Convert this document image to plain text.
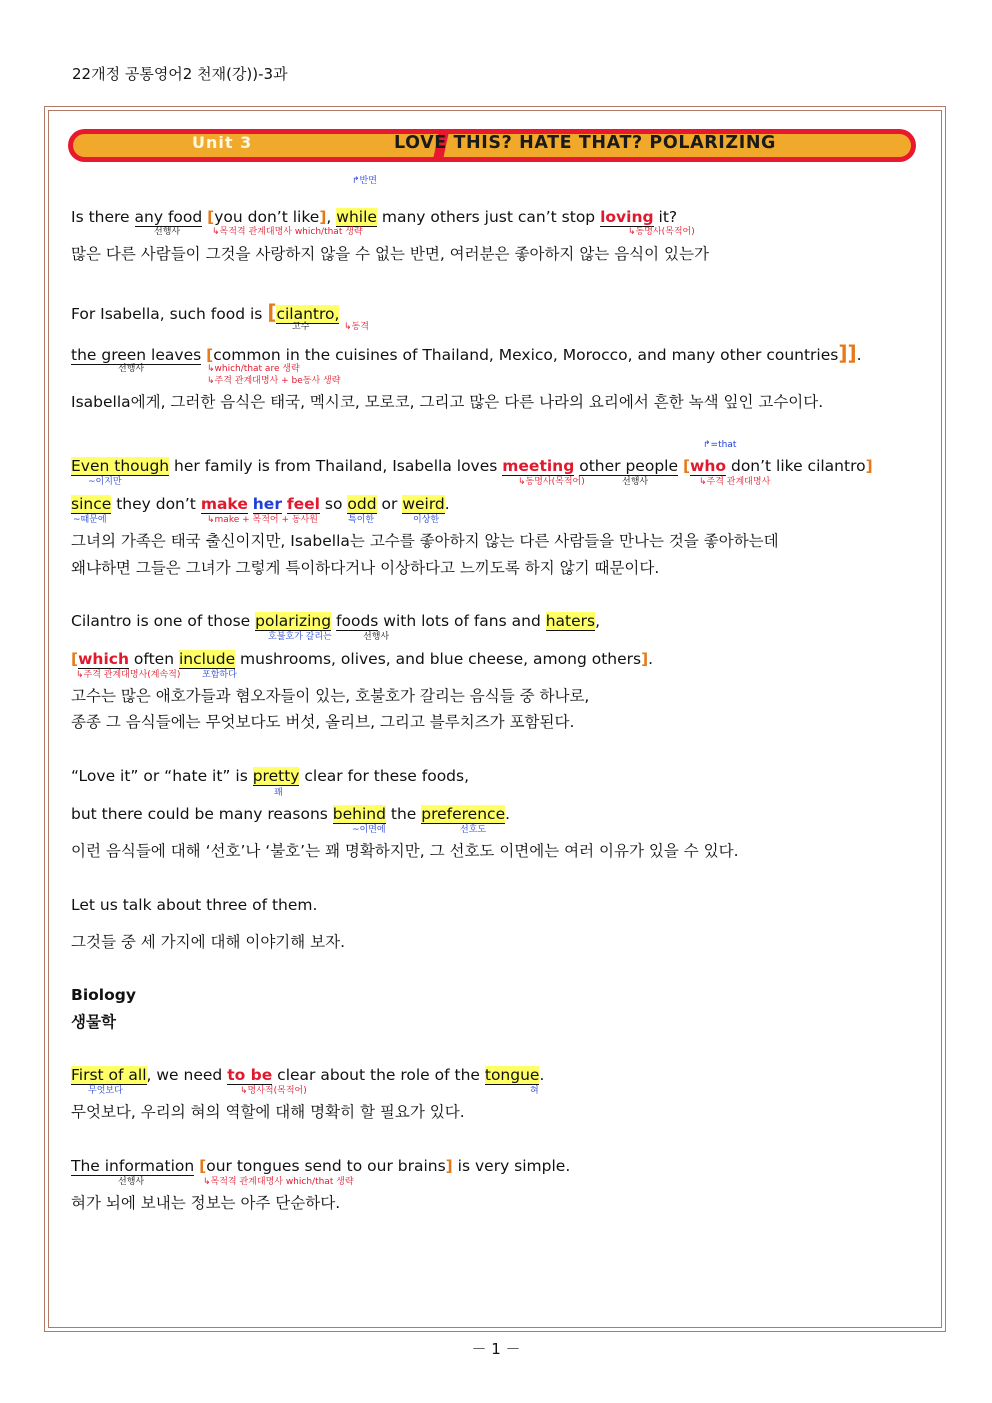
22개정 공통영어2 천재(강))-3과
Unit 3	LOVE THIS? HATE THAT? POLARIZING
↱반면
Is there any food [you don’t like], while many others just can’t stop loving it?
선행사	↳목적격 관계대명사 which/that 생략	↳동명사(목적어)
많은 다른 사람들이 그것을 사랑하지 않을 수 없는 반면, 여러분은 좋아하지 않는 음식이 있는가
For Isabella, such food is [cilantro,
고수	↳동격
the green leaves [common in the cuisines of Thailand, Mexico, Morocco, and many other countries]].
선행사	↳which/that are 생략
↳주격 관계대명사 + be동사 생략
Isabella에게, 그러한 음식은 태국, 멕시코, 모로코, 그리고 많은 다른 나라의 요리에서 흔한 녹색 잎인 고수이다.
↱=that
Even though her family is from Thailand, Isabella loves meeting other people [who don’t like cilantro]
~이지만	↳동명사(목적어)	선행사	↳주격 관계대명사
since they don’t make her feel so odd or weird.
~때문에	↳make + 목적어 + 동사원	특이한	이상한
그녀의 가족은 태국 출신이지만, Isabella는 고수를 좋아하지 않는 다른 사람들을 만나는 것을 좋아하는데
왜냐하면 그들은 그녀가 그렇게 특이하다거나 이상하다고 느끼도록 하지 않기 때문이다.
Cilantro is one of those polarizing foods with lots of fans and haters,
호불호가 갈리는	선행사
[which often include mushrooms, olives, and blue cheese, among others].
↳주격 관계대명사(계속적) 포함하다
고수는 많은 애호가들과 혐오자들이 있는, 호불호가 갈리는 음식들 중 하나로,
종종 그 음식들에는 무엇보다도 버섯, 올리브, 그리고 블루치즈가 포함된다.
“Love it” or “hate it” is pretty clear for these foods,
꽤
but there could be many reasons behind the preference.
~이면에	선호도
이런 음식들에 대해 ‘선호’나 ‘불호’는 꽤 명확하지만, 그 선호도 이면에는 여러 이유가 있을 수 있다.
Let us talk about three of them.
그것들 중 세 가지에 대해 이야기해 보자.
Biology
생물학
First of all, we need to be clear about the role of the tongue.
무엇보다	↳명사적(목적어)	혀
무엇보다, 우리의 혀의 역할에 대해 명확히 할 필요가 있다.
The information [our tongues send to our brains] is very simple.
선행사	↳목적격 관계대명사 which/that 생략
혀가 뇌에 보내는 정보는 아주 단순하다.
－ 1 －
